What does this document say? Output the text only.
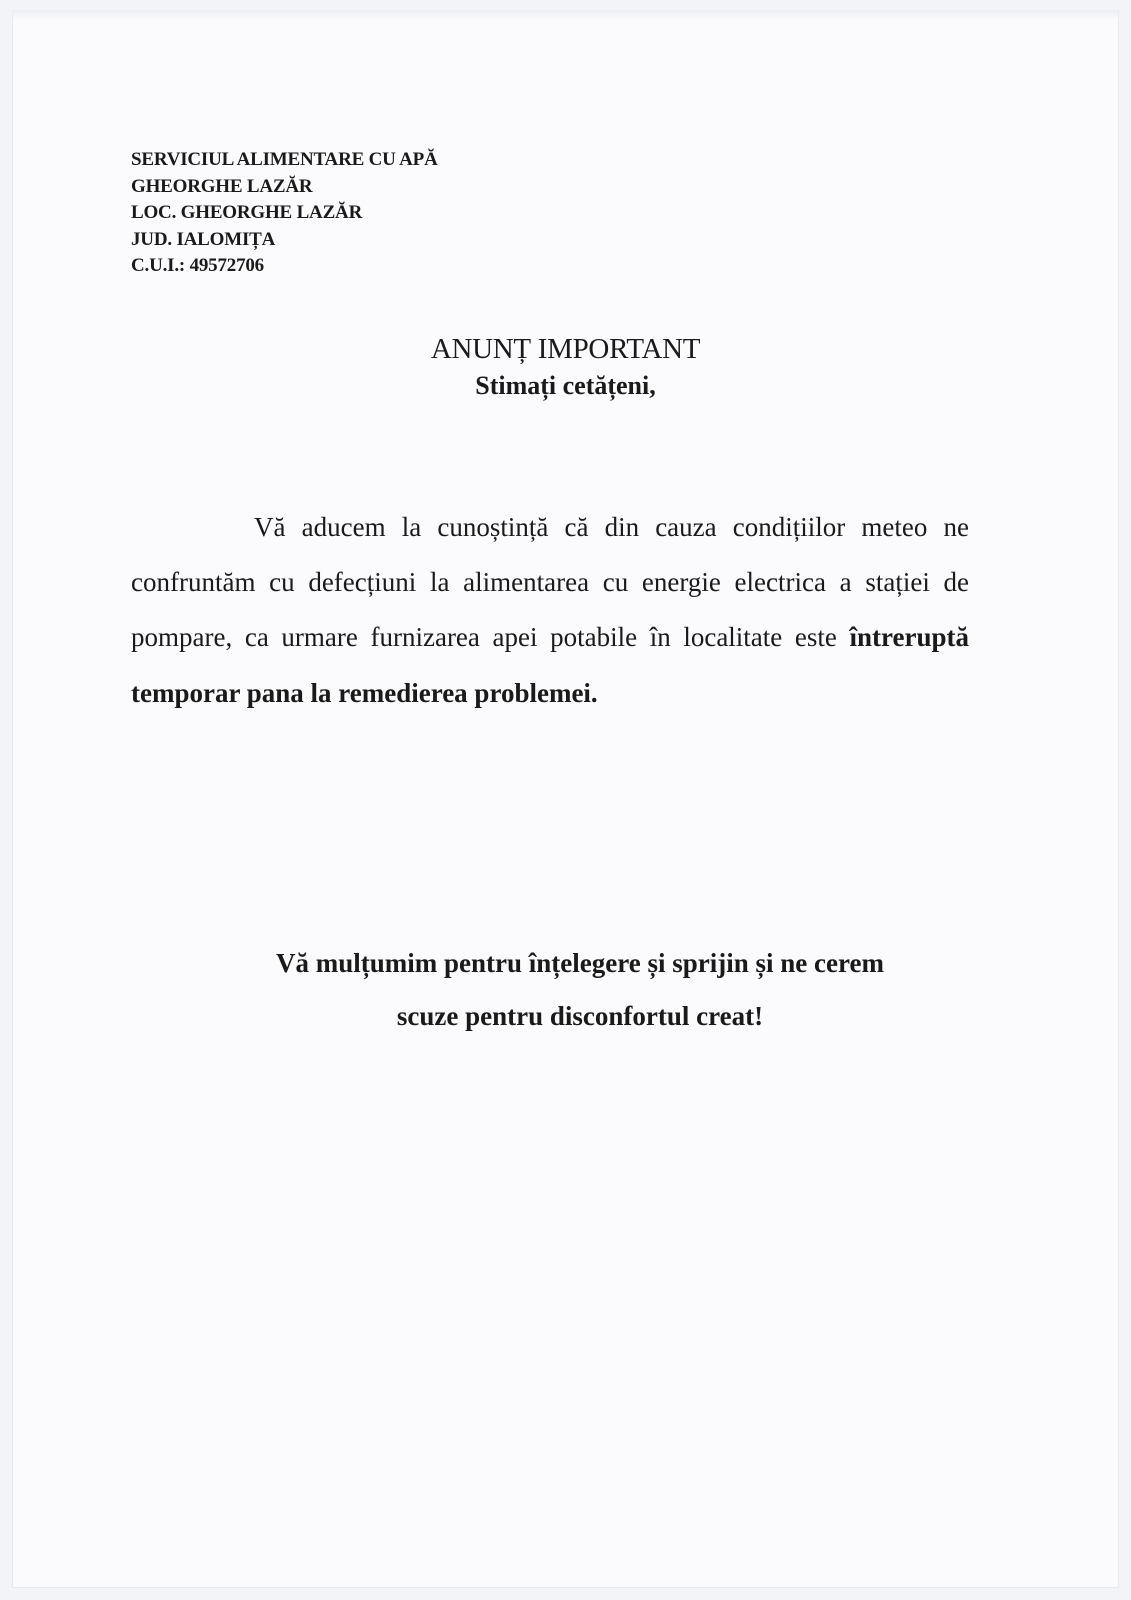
SERVICIUL ALIMENTARE CU APĂ
GHEORGHE LAZĂR
LOC. GHEORGHE LAZĂR
JUD. IALOMIȚA
C.U.I.: 49572706
ANUNȚ IMPORTANT
Stimați cetățeni,
Vă aducem la cunoștință că din cauza condițiilor meteo ne confruntăm cu defecțiuni la alimentarea cu energie electrica a stației de pompare, ca urmare furnizarea apei potabile în localitate este întreruptă temporar pana la remedierea problemei.
Vă mulțumim pentru înțelegere și sprijin și ne cerem
scuze pentru disconfortul creat!
